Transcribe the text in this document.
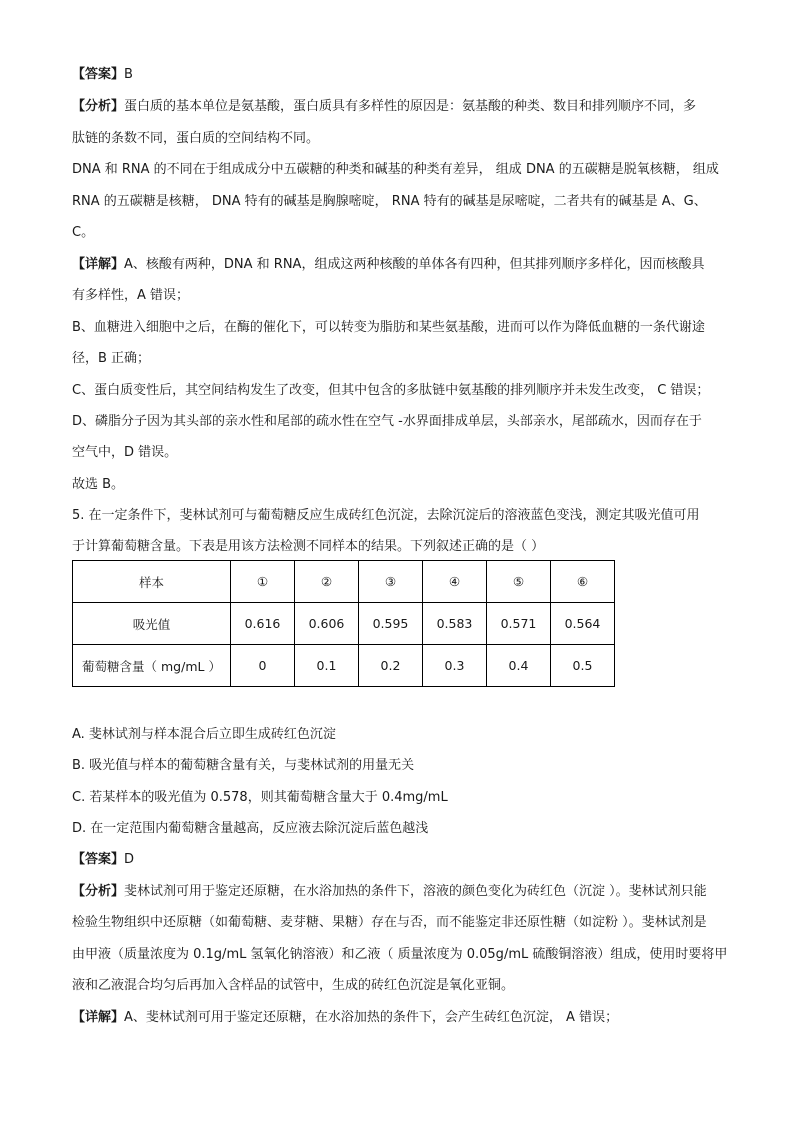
【答案】B
【分析】蛋白质的基本单位是氨基酸，蛋白质具有多样性的原因是：氨基酸的种类、数目和排列顺序不同，多
肽链的条数不同，蛋白质的空间结构不同。
DNA 和 RNA 的不同在于组成成分中五碳糖的种类和碱基的种类有差异， 组成 DNA 的五碳糖是脱氧核糖， 组成
RNA 的五碳糖是核糖， DNA 特有的碱基是胸腺嘧啶， RNA 特有的碱基是尿嘧啶，二者共有的碱基是 A、G、
C。
【详解】A、核酸有两种，DNA 和 RNA，组成这两种核酸的单体各有四种，但其排列顺序多样化，因而核酸具
有多样性，A 错误；
B、血糖进入细胞中之后，在酶的催化下，可以转变为脂肪和某些氨基酸，进而可以作为降低血糖的一条代谢途
径，B 正确；
C、蛋白质变性后，其空间结构发生了改变，但其中包含的多肽链中氨基酸的排列顺序并未发生改变， C 错误；
D、磷脂分子因为其头部的亲水性和尾部的疏水性在空气 -水界面排成单层，头部亲水，尾部疏水，因而存在于
空气中，D 错误。
故选 B。
5. 在一定条件下，斐林试剂可与葡萄糖反应生成砖红色沉淀，去除沉淀后的溶液蓝色变浅，测定其吸光值可用
于计算葡萄糖含量。下表是用该方法检测不同样本的结果。下列叙述正确的是（ ）
样本	①	②	③	④	⑤	⑥
吸光值	0.616	0.606	0.595	0.583	0.571	0.564
葡萄糖含量（ mg/mL ）	0	0.1	0.2	0.3	0.4	0.5
A. 斐林试剂与样本混合后立即生成砖红色沉淀
B. 吸光值与样本的葡萄糖含量有关，与斐林试剂的用量无关
C. 若某样本的吸光值为 0.578，则其葡萄糖含量大于 0.4mg/mL
D. 在一定范围内葡萄糖含量越高，反应液去除沉淀后蓝色越浅
【答案】D
【分析】斐林试剂可用于鉴定还原糖，在水浴加热的条件下，溶液的颜色变化为砖红色（沉淀 ）。斐林试剂只能
检验生物组织中还原糖（如葡萄糖、麦芽糖、果糖）存在与否，而不能鉴定非还原性糖（如淀粉 ）。斐林试剂是
由甲液（质量浓度为 0.1g/mL 氢氧化钠溶液）和乙液（ 质量浓度为 0.05g/mL 硫酸铜溶液）组成，使用时要将甲
液和乙液混合均匀后再加入含样品的试管中，生成的砖红色沉淀是氧化亚铜。
【详解】A、斐林试剂可用于鉴定还原糖，在水浴加热的条件下，会产生砖红色沉淀， A 错误；
